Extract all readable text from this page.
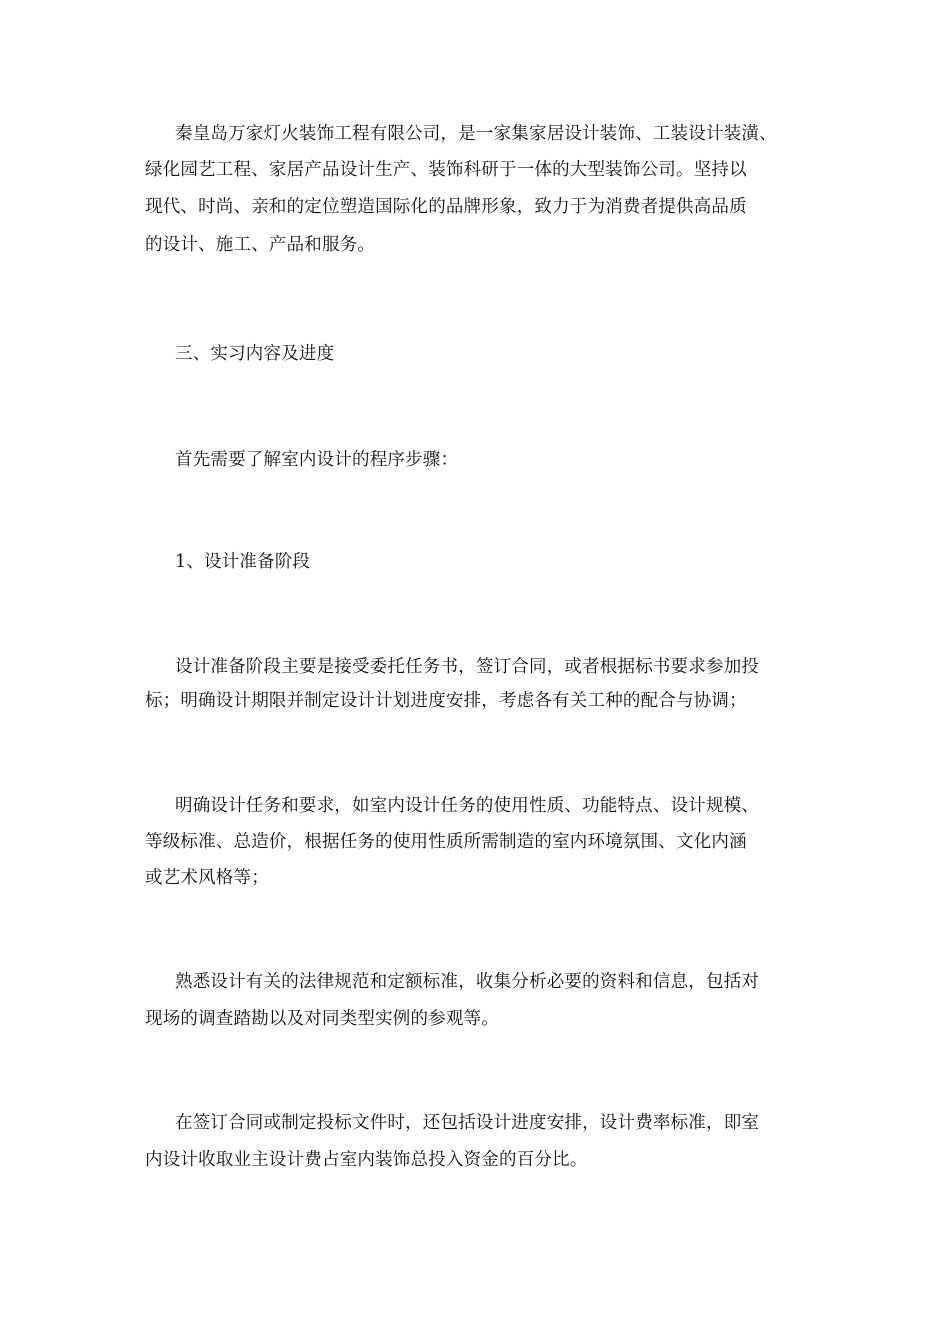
秦皇岛万家灯火装饰工程有限公司，是一家集家居设计装饰、工装设计装潢、
绿化园艺工程、家居产品设计生产、装饰科研于一体的大型装饰公司。坚持以
现代、时尚、亲和的定位塑造国际化的品牌形象，致力于为消费者提供高品质
的设计、施工、产品和服务。
三、实习内容及进度
首先需要了解室内设计的程序步骤：
1、设计准备阶段
设计准备阶段主要是接受委托任务书，签订合同，或者根据标书要求参加投
标；明确设计期限并制定设计计划进度安排，考虑各有关工种的配合与协调；
明确设计任务和要求，如室内设计任务的使用性质、功能特点、设计规模、
等级标准、总造价，根据任务的使用性质所需制造的室内环境氛围、文化内涵
或艺术风格等；
熟悉设计有关的法律规范和定额标准，收集分析必要的资料和信息，包括对
现场的调查踏勘以及对同类型实例的参观等。
在签订合同或制定投标文件时，还包括设计进度安排，设计费率标准，即室
内设计收取业主设计费占室内装饰总投入资金的百分比。
